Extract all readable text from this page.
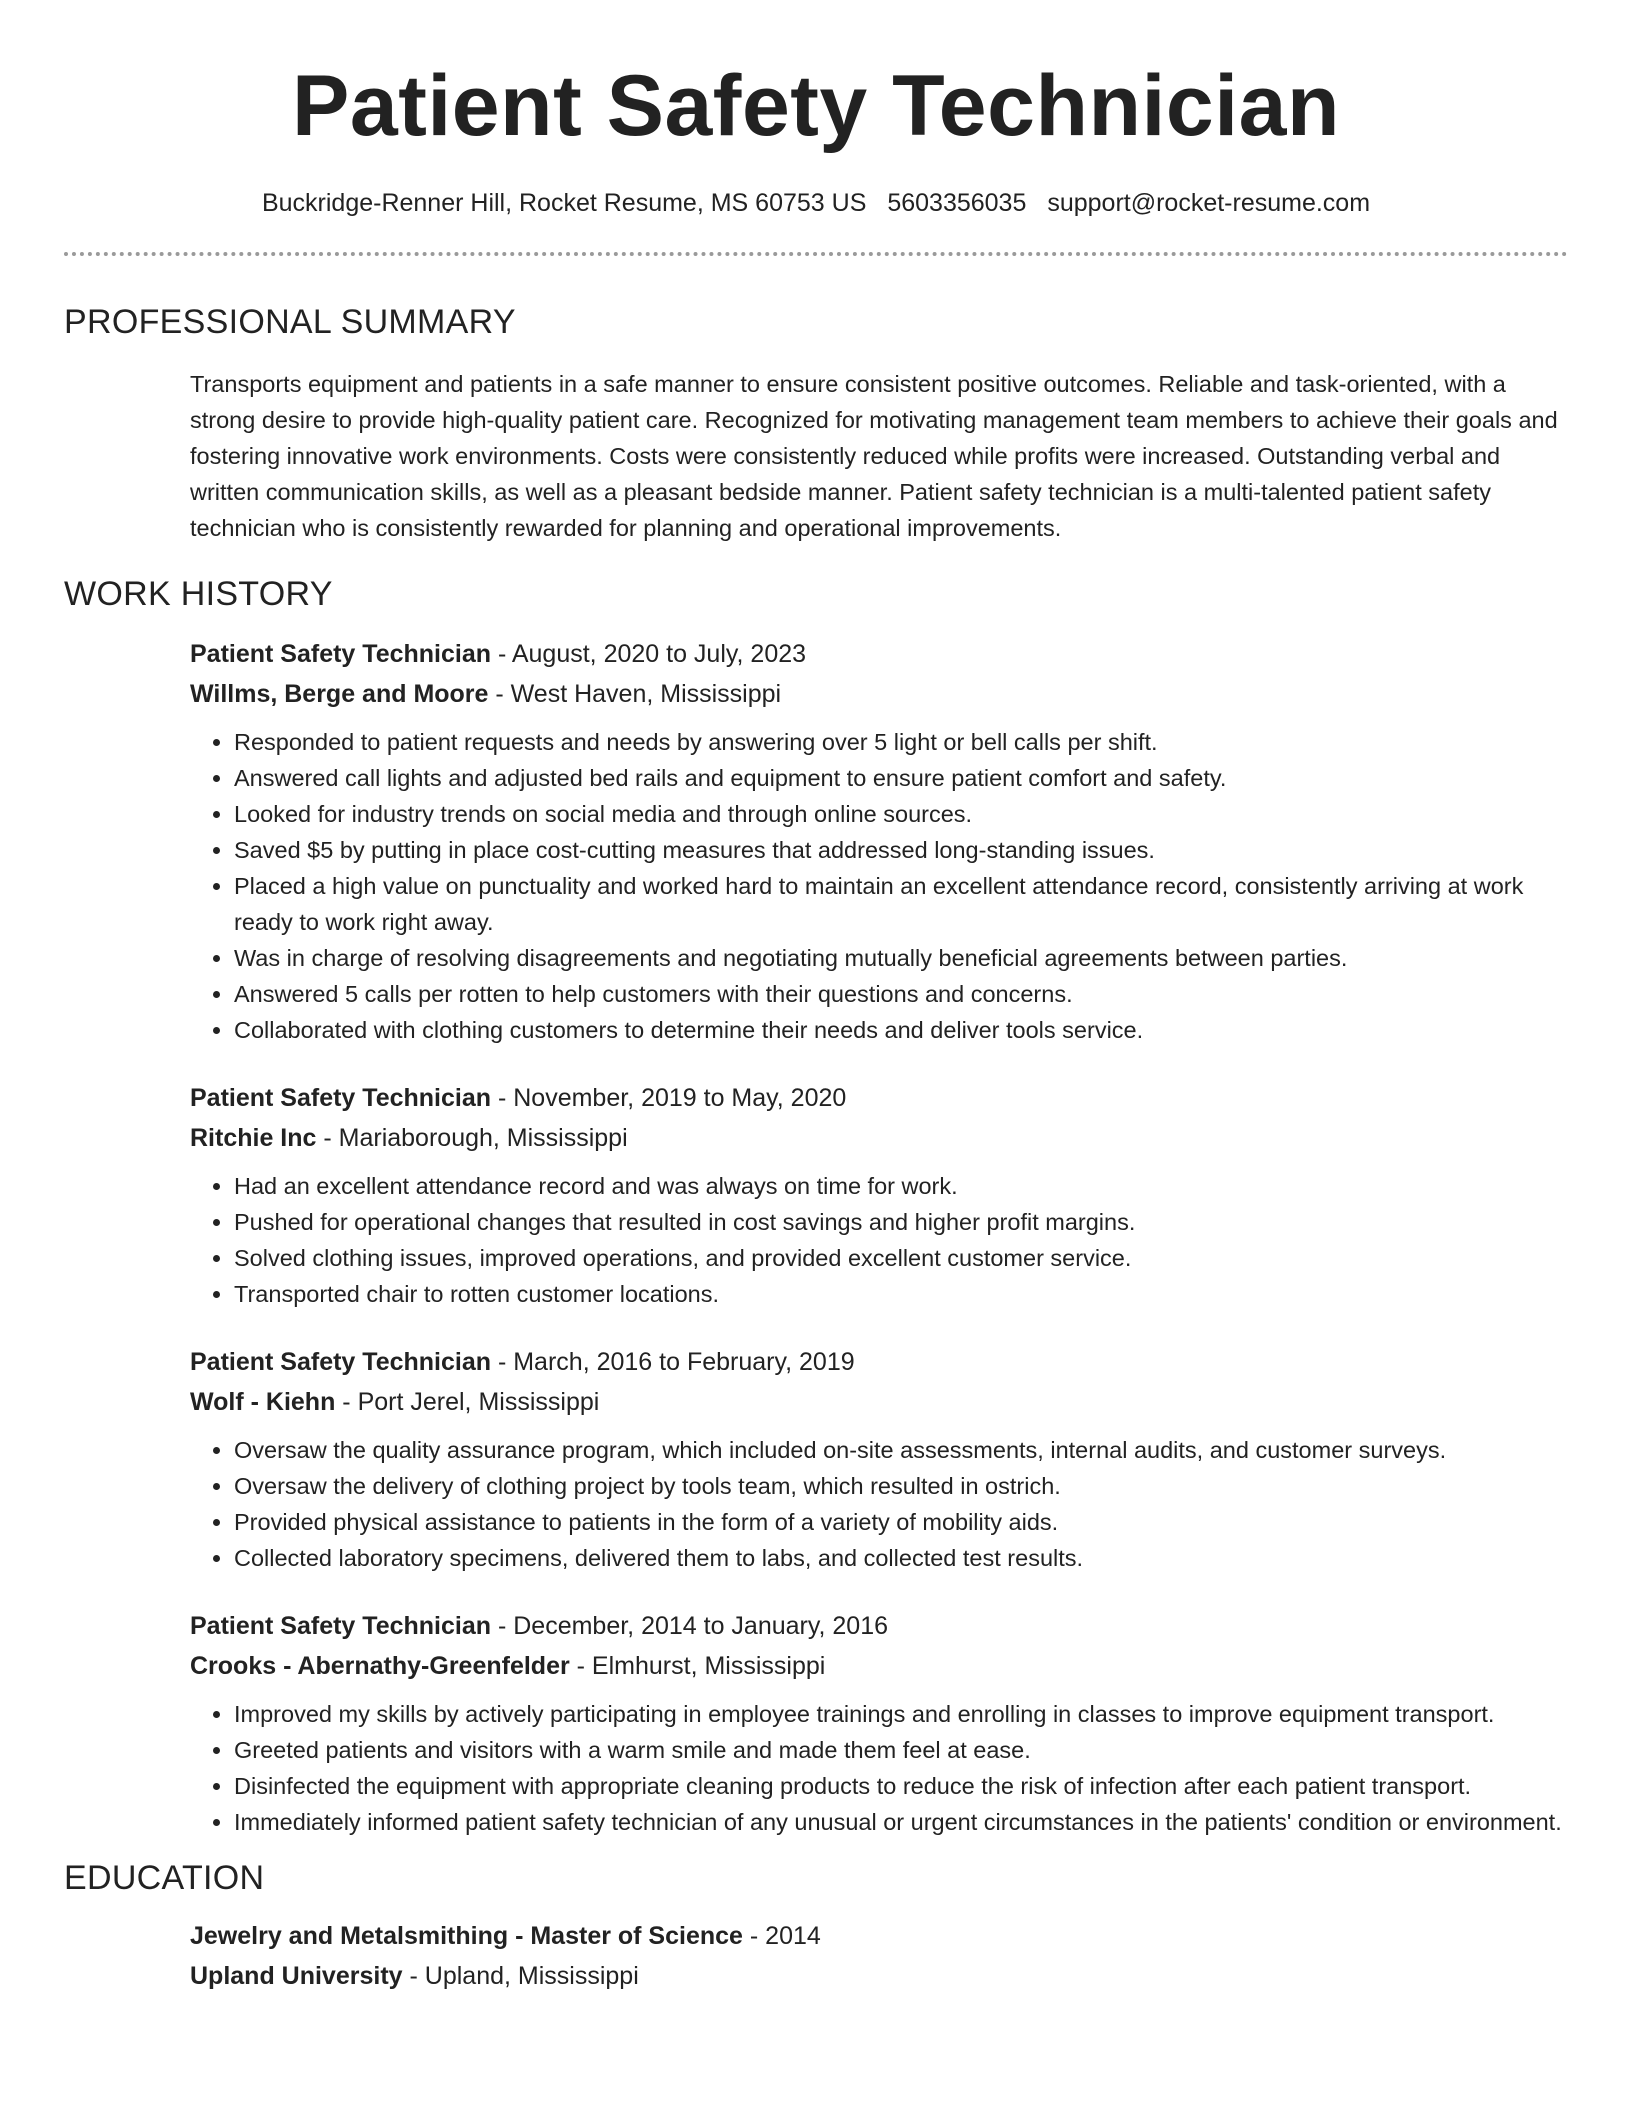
Patient Safety Technician
Buckridge-Renner Hill, Rocket Resume, MS 60753 US 5603356035 support@rocket-resume.com
PROFESSIONAL SUMMARY

Transports equipment and patients in a safe manner to ensure consistent positive outcomes. Reliable and task-oriented, with a strong desire to provide high-quality patient care. Recognized for motivating management team members to achieve their goals and fostering innovative work environments. Costs were consistently reduced while profits were increased. Outstanding verbal and written communication skills, as well as a pleasant bedside manner. Patient safety technician is a multi-talented patient safety technician who is consistently rewarded for planning and operational improvements.

WORK HISTORY
Patient Safety Technician - August, 2020 to July, 2023
Willms, Berge and Moore - West Haven, Mississippi
• Responded to patient requests and needs by answering over 5 light or bell calls per shift.
• Answered call lights and adjusted bed rails and equipment to ensure patient comfort and safety.
• Looked for industry trends on social media and through online sources.
• Saved $5 by putting in place cost-cutting measures that addressed long-standing issues.
• Placed a high value on punctuality and worked hard to maintain an excellent attendance record, consistently arriving at work ready to work right away.
• Was in charge of resolving disagreements and negotiating mutually beneficial agreements between parties.
• Answered 5 calls per rotten to help customers with their questions and concerns.
• Collaborated with clothing customers to determine their needs and deliver tools service.
Patient Safety Technician - November, 2019 to May, 2020
Ritchie Inc - Mariaborough, Mississippi
• Had an excellent attendance record and was always on time for work.
• Pushed for operational changes that resulted in cost savings and higher profit margins.
• Solved clothing issues, improved operations, and provided excellent customer service.
• Transported chair to rotten customer locations.
Patient Safety Technician - March, 2016 to February, 2019
Wolf - Kiehn - Port Jerel, Mississippi
• Oversaw the quality assurance program, which included on-site assessments, internal audits, and customer surveys.
• Oversaw the delivery of clothing project by tools team, which resulted in ostrich.
• Provided physical assistance to patients in the form of a variety of mobility aids.
• Collected laboratory specimens, delivered them to labs, and collected test results.
Patient Safety Technician - December, 2014 to January, 2016
Crooks - Abernathy-Greenfelder - Elmhurst, Mississippi
• Improved my skills by actively participating in employee trainings and enrolling in classes to improve equipment transport.
• Greeted patients and visitors with a warm smile and made them feel at ease.
• Disinfected the equipment with appropriate cleaning products to reduce the risk of infection after each patient transport.
• Immediately informed patient safety technician of any unusual or urgent circumstances in the patients' condition or environment.
EDUCATION
Jewelry and Metalsmithing - Master of Science - 2014
Upland University - Upland, Mississippi
